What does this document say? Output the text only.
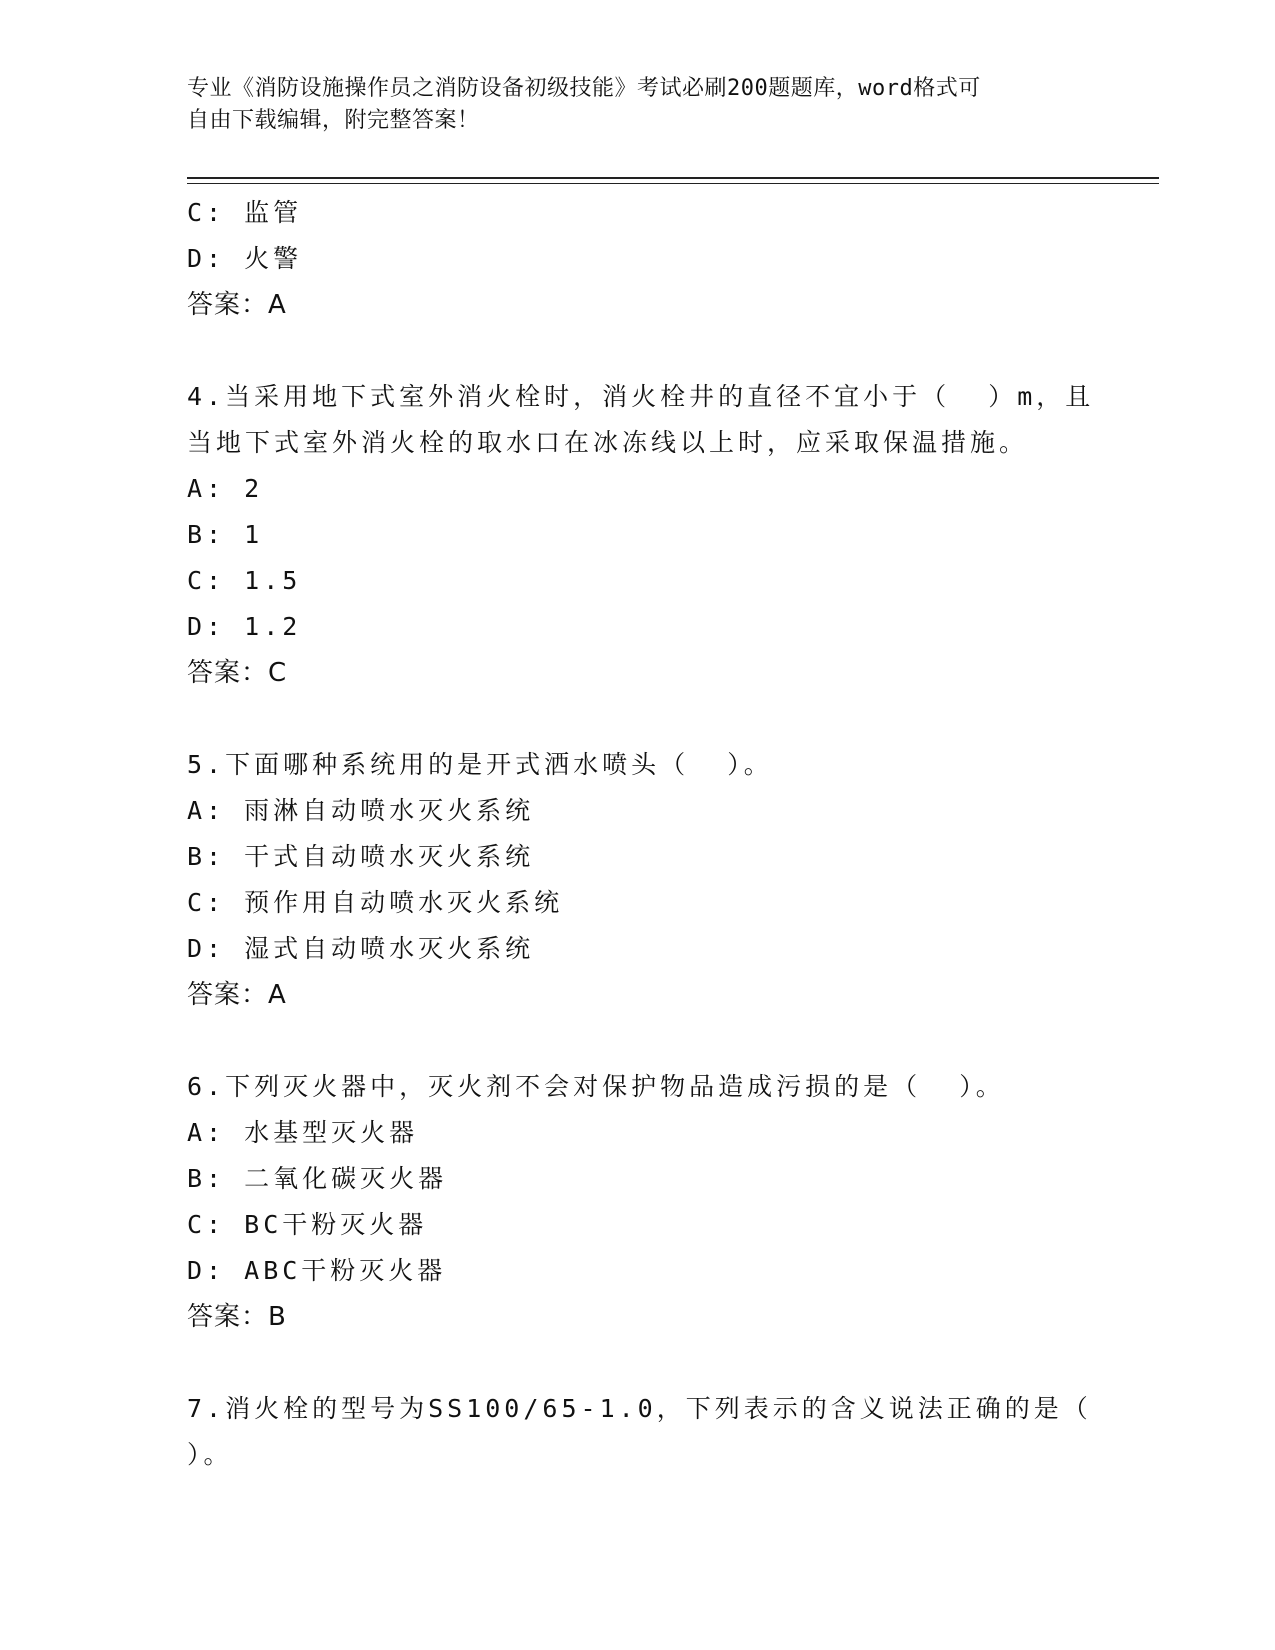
专业《消防设施操作员之消防设备初级技能》考试必刷200题题库，word格式可
自由下载编辑，附完整答案！
C: 监管
D: 火警
答案：A
4.当采用地下式室外消火栓时，消火栓井的直径不宜小于（  ）m，且
当地下式室外消火栓的取水口在冰冻线以上时，应采取保温措施。
A: 2
B: 1
C: 1.5
D: 1.2
答案：C
5.下面哪种系统用的是开式洒水喷头（  ）。
A: 雨淋自动喷水灭火系统
B: 干式自动喷水灭火系统
C: 预作用自动喷水灭火系统
D: 湿式自动喷水灭火系统
答案：A
6.下列灭火器中，灭火剂不会对保护物品造成污损的是（  ）。
A: 水基型灭火器
B: 二氧化碳灭火器
C: BC干粉灭火器
D: ABC干粉灭火器
答案：B
7.消火栓的型号为SS100/65-1.0，下列表示的含义说法正确的是（
）。
